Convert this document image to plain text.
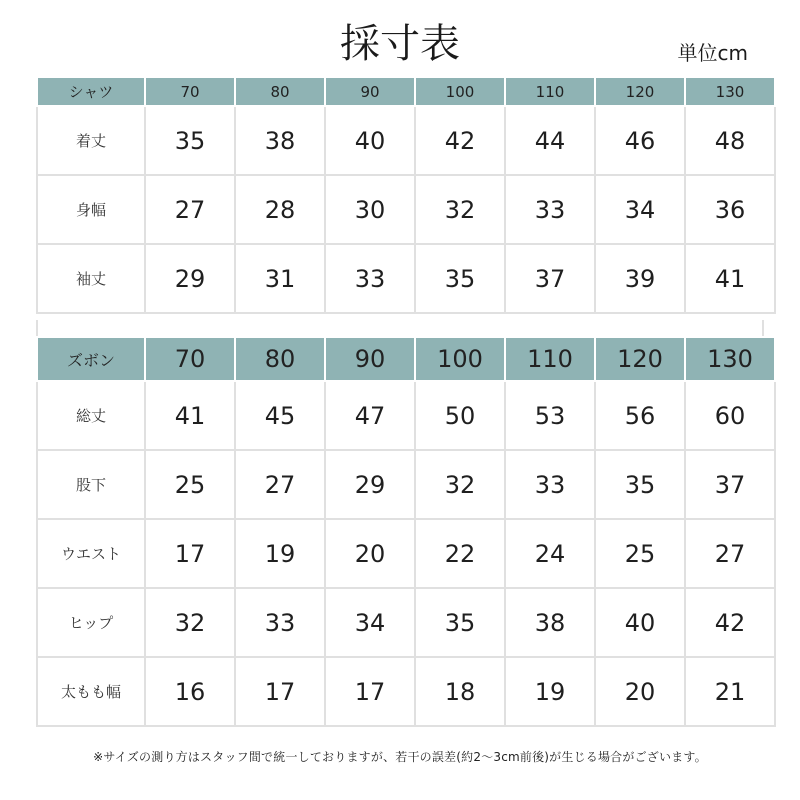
採寸表	単位cm
シャツ	70	80	90	100	110	120	130
着丈	35	38	40	42	44	46	48
身幅	27	28	30	32	33	34	36
袖丈	29	31	33	35	37	39	41
ズボン	70	80	90	100	110	120	130
総丈	41	45	47	50	53	56	60
股下	25	27	29	32	33	35	37
ウエスト	17	19	20	22	24	25	27
ヒップ	32	33	34	35	38	40	42
太もも幅	16	17	17	18	19	20	21
※サイズの測り方はスタッフ間で統一しておりますが、若干の誤差(約2～3cm前後)が生じる場合がございます。
